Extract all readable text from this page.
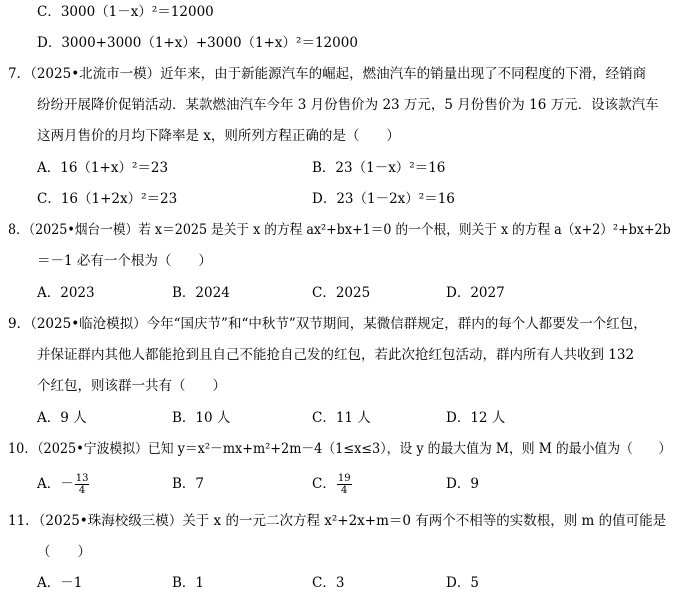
C．3000（1－x）²＝12000
D．3000+3000（1+x）+3000（1+x）²＝12000
7．（2025•北流市一模）近年来，由于新能源汽车的崛起，燃油汽车的销量出现了不同程度的下滑，经销商
纷纷开展降价促销活动．某款燃油汽车今年 3 月份售价为 23 万元，5 月份售价为 16 万元．设该款汽车
这两月售价的月均下降率是 x，则所列方程正确的是（　　）
A．16（1+x）²＝23	B．23（1－x）²＝16
C．16（1+2x）²＝23	D．23（1－2x）²＝16
8．（2025•烟台一模）若 x＝2025 是关于 x 的方程 ax²+bx+1＝0 的一个根，则关于 x 的方程 a（x+2）²+bx+2b
＝－1 必有一个根为（　　）
A．2023	B．2024	C．2025	D．2027
9．（2025•临沧模拟）今年“国庆节”和“中秋节”双节期间，某微信群规定，群内的每个人都要发一个红包，
并保证群内其他人都能抢到且自己不能抢自己发的红包，若此次抢红包活动，群内所有人共收到 132
个红包，则该群一共有（　　）
A．9 人	B．10 人	C．11 人	D．12 人
10．（2025•宁波模拟）已知 y＝x²－mx+m²+2m－4（1≤x≤3），设 y 的最大值为 M，则 M 的最小值为（　　）
A．－ $\frac{13}{4}$	B．7	C． $\frac{19}{4}$	D．9
11．（2025•珠海校级三模）关于 x 的一元二次方程 x²+2x+m＝0 有两个不相等的实数根，则 m 的值可能是
（　　）
A．－1	B．1	C．3	D．5
